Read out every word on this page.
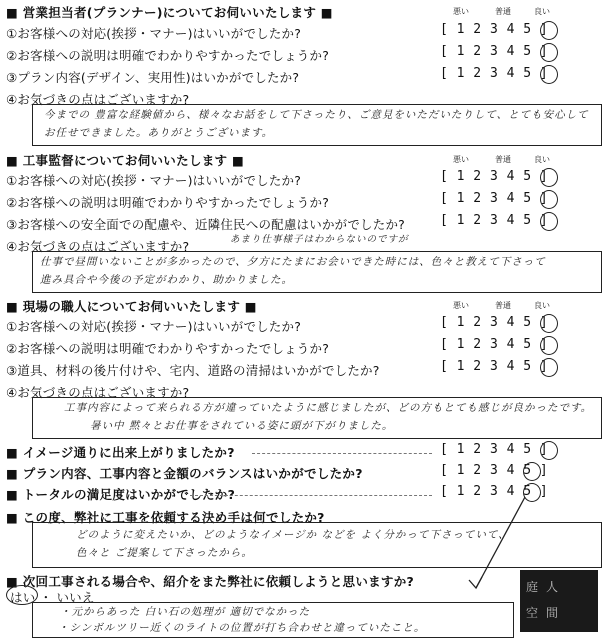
■ 営業担当者(プランナー)についてお伺いいたします ■	悪い	普通	良い
①お客様への対応(挨拶・マナー)はいいがでしたか?	[ 1 2 3 4 5 ]
②お客様への説明は明確でわかりやすかったでしょうか?	[ 1 2 3 4 5 ]
③プラン内容(デザイン、実用性)はいかがでしたか?	[ 1 2 3 4 5 ]
④お気づきの点はございますか?
今までの 豊富な経験値から、様々なお話をして下さったり、ご意見をいただいたりして、とても安心して
お任せできました。ありがとうございます。
■ 工事監督についてお伺いいたします ■	悪い	普通	良い
①お客様への対応(挨拶・マナー)はいいがでしたか?	[ 1 2 3 4 5 ]
②お客様への説明は明確でわかりやすかったでしょうか?	[ 1 2 3 4 5 ]
③お客様への安全面での配慮や、近隣住民への配慮はいかがでしたか?	[ 1 2 3 4 5 ]
④お気づきの点はございますか?	あまり仕事様子はわからないのですが
仕事で昼間いないことが多かったので、夕方にたまにお会いできた時には、色々と教えて下さって
進み具合や今後の予定がわかり、助かりました。
■ 現場の職人についてお伺いいたします ■	悪い	普通	良い
①お客様への対応(挨拶・マナー)はいいがでしたか?	[ 1 2 3 4 5 ]
②お客様への説明は明確でわかりやすかったでしょうか?	[ 1 2 3 4 5 ]
③道具、材料の後片付けや、宅内、道路の清掃はいかがでしたか?	[ 1 2 3 4 5 ]
④お気づきの点はございますか?
工事内容によって来られる方が違っていたように感じましたが、どの方もとても感じが良かったです。
暑い中 黙々とお仕事をされている姿に頭が下がりました。
■ イメージ通りに出来上がりましたか?	[ 1 2 3 4 5 ]
■ プラン内容、工事内容と金額のバランスはいかがでしたか?	[ 1 2 3 4 5 ]
■ トータルの満足度はいかがでしたか?	[ 1 2 3 4 5 ]
■ この度、弊社に工事を依頼する決め手は何でしたか?
どのように変えたいか、どのようなイメージか などを よく分かって下さっていて、
色々と ご提案して下さったから。
■ 次回工事される場合や、紹介をまた弊社に依頼しようと思いますか?
はい ・ いいえ
・元からあった 白い石の処理が 適切でなかった
・シンボルツリー近くのライトの位置が打ち合わせと違っていたこと。
庭人
空間
